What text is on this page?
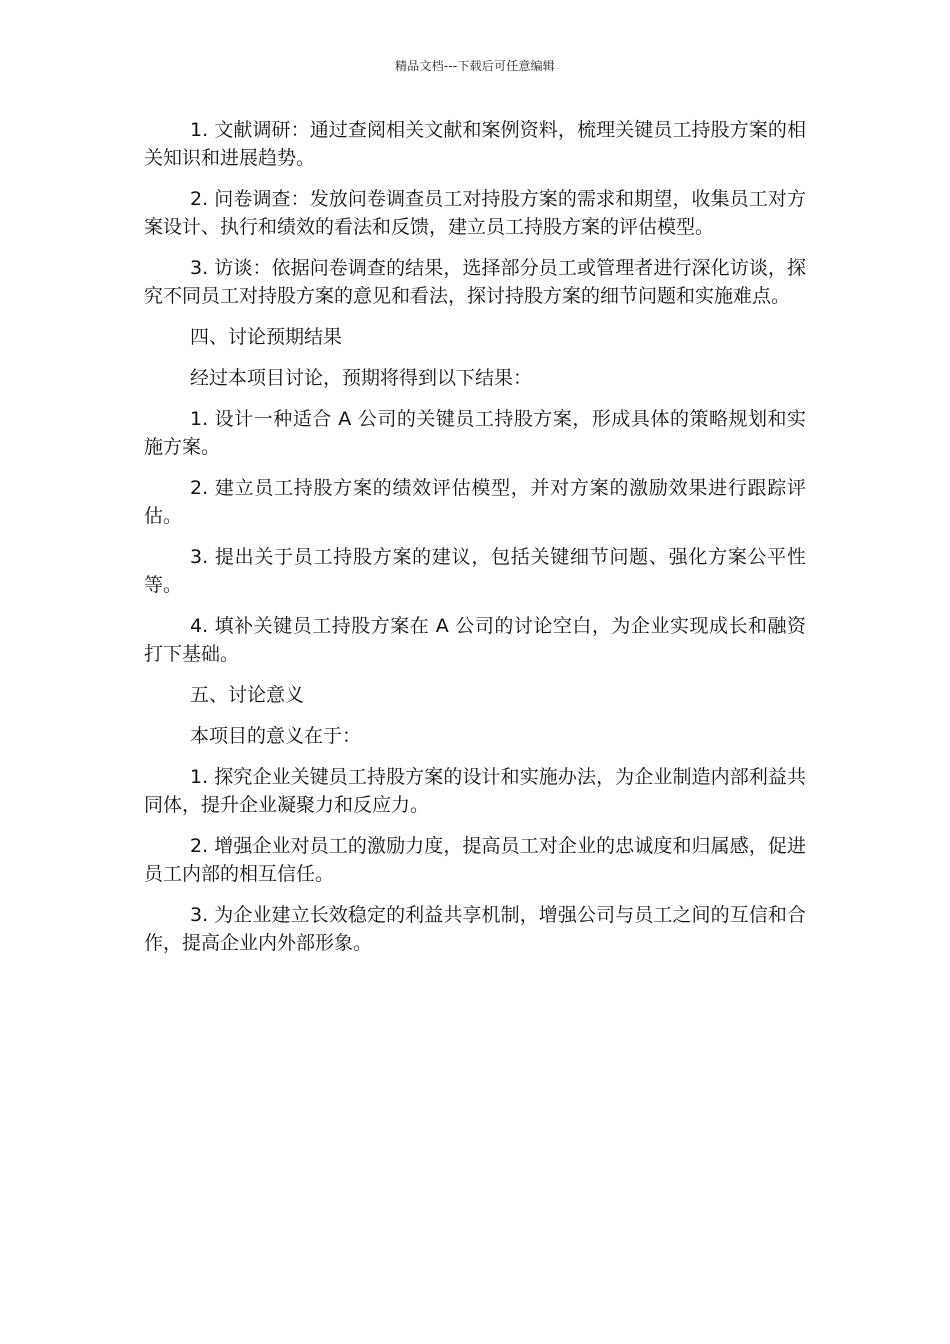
精品文档---下载后可任意编辑

1. 文献调研：通过查阅相关文献和案例资料，梳理关键员工持股方案的相关知识和进展趋势。

2. 问卷调查：发放问卷调查员工对持股方案的需求和期望，收集员工对方案设计、执行和绩效的看法和反馈，建立员工持股方案的评估模型。

3. 访谈：依据问卷调查的结果，选择部分员工或管理者进行深化访谈，探究不同员工对持股方案的意见和看法，探讨持股方案的细节问题和实施难点。

四、讨论预期结果

经过本项目讨论，预期将得到以下结果：

1. 设计一种适合 A 公司的关键员工持股方案，形成具体的策略规划和实施方案。

2. 建立员工持股方案的绩效评估模型，并对方案的激励效果进行跟踪评估。

3. 提出关于员工持股方案的建议，包括关键细节问题、强化方案公平性等。

4. 填补关键员工持股方案在 A 公司的讨论空白，为企业实现成长和融资打下基础。

五、讨论意义

本项目的意义在于：

1. 探究企业关键员工持股方案的设计和实施办法，为企业制造内部利益共同体，提升企业凝聚力和反应力。

2. 增强企业对员工的激励力度，提高员工对企业的忠诚度和归属感，促进员工内部的相互信任。

3. 为企业建立长效稳定的利益共享机制，增强公司与员工之间的互信和合作，提高企业内外部形象。
